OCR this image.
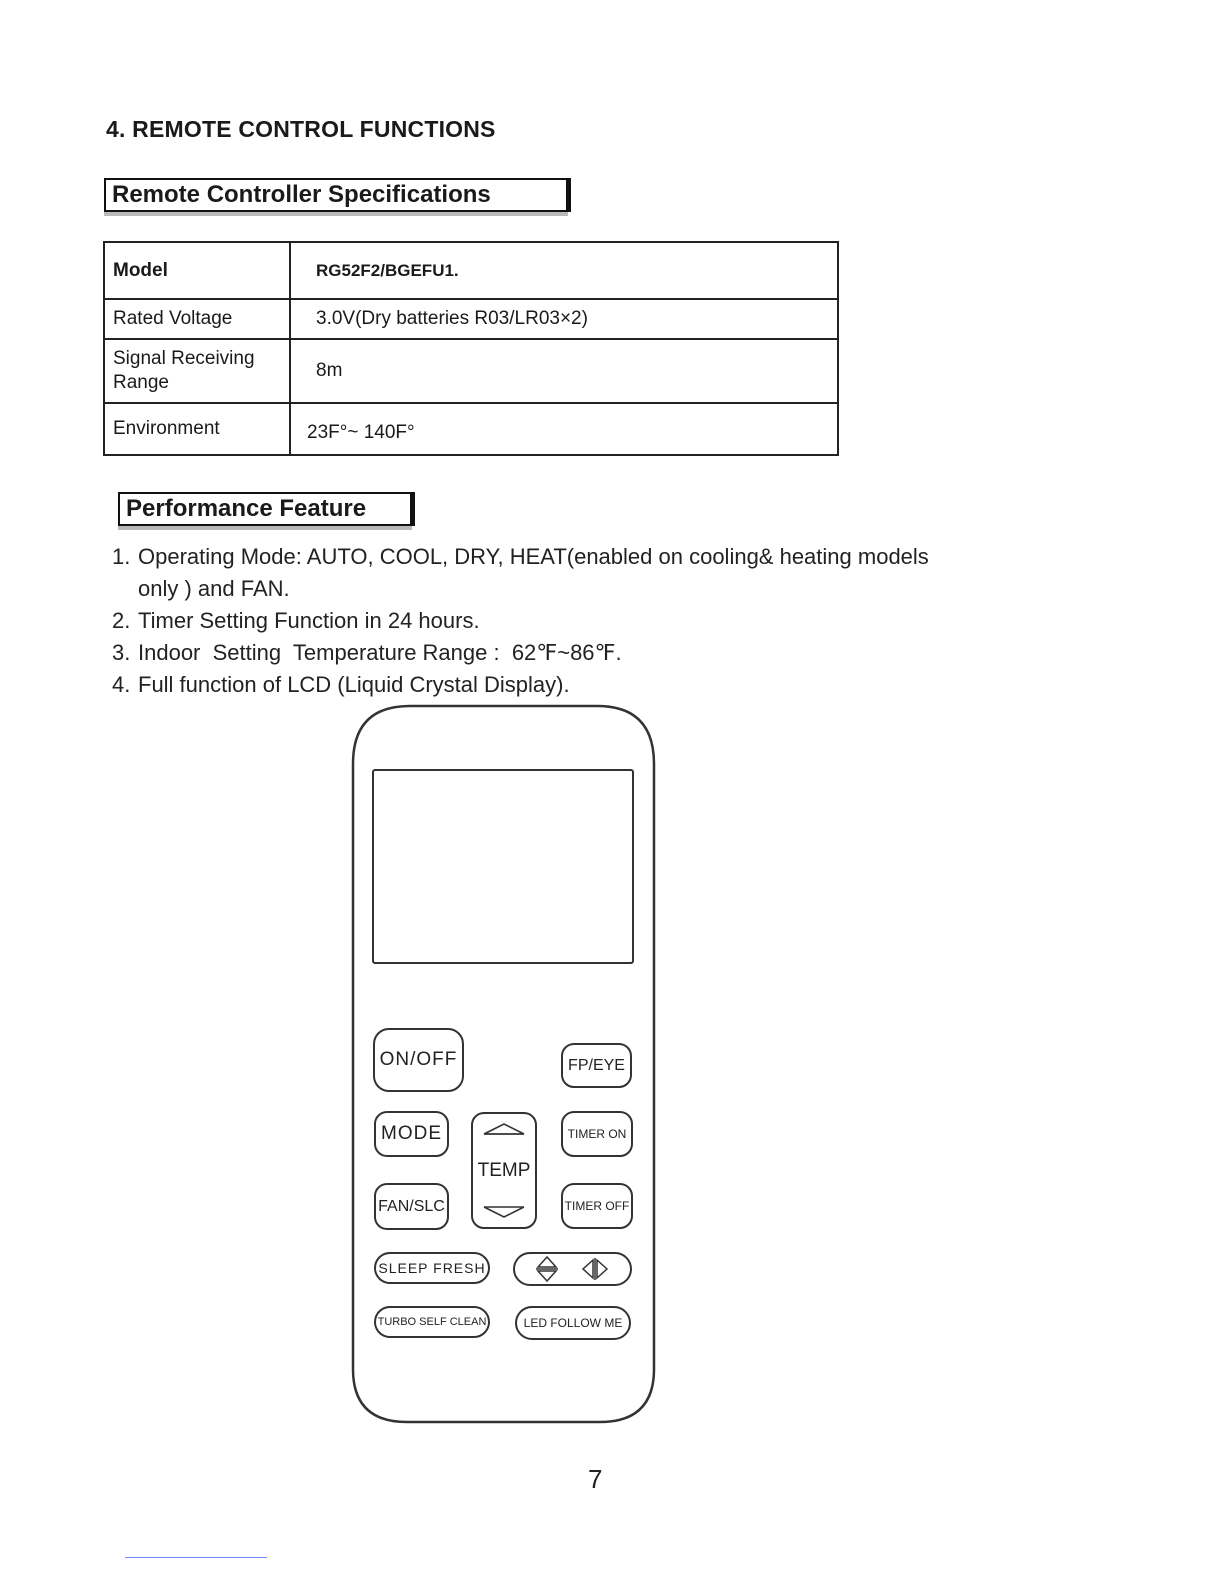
4. REMOTE CONTROL FUNCTIONS
Remote Controller Specifications
Model	RG52F2/BGEFU1.
Rated Voltage	3.0V(Dry batteries R03/LR03×2)
Signal Receiving Range	8m
Environment	23F°~ 140F°
Performance Feature
1. Operating Mode: AUTO, COOL, DRY, HEAT(enabled on cooling& heating models only ) and FAN.
2. Timer Setting Function in 24 hours.
3. Indoor  Setting  Temperature Range :  62℉~86℉.
4. Full function of LCD (Liquid Crystal Display).
ON/OFF	FP/EYE
MODE
TEMP
TIMER ON
FAN/SLC	TIMER OFF
SLEEP FRESH
TURBO SELF CLEAN	LED FOLLOW ME
7
